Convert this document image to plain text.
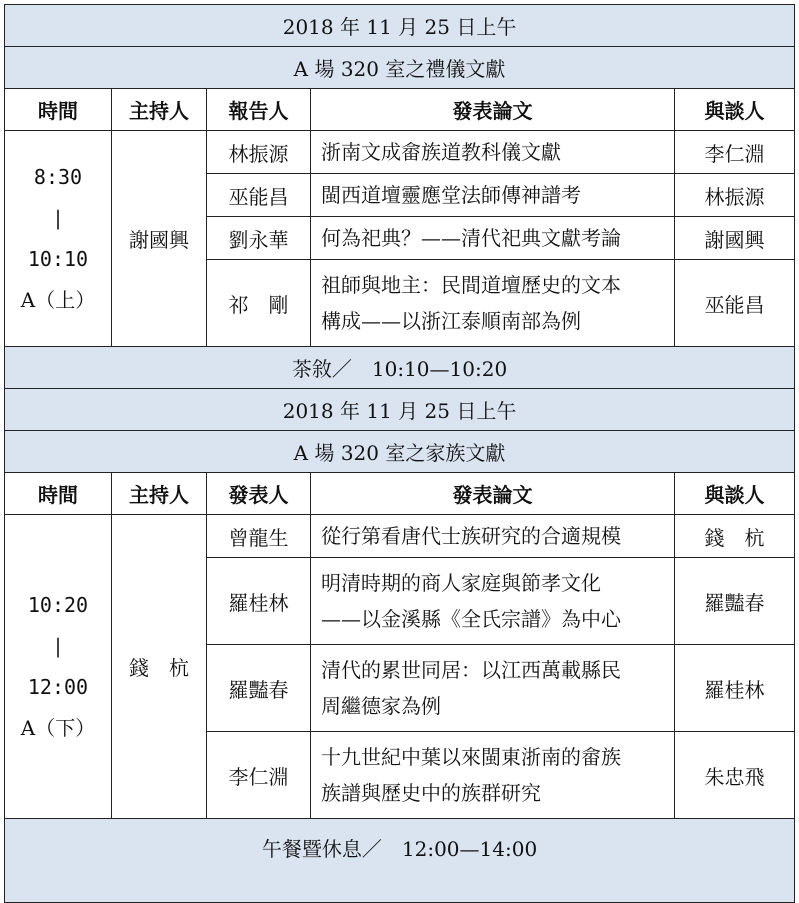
2018 年 11 月 25 日上午				
A 場 320 室之禮儀文獻				
時間	主持人	報告人	發表論文	與談人

8:30
|
10:10
A（上）	謝國興	林振源	浙南文成畲族道教科儀文獻	李仁淵
		巫能昌	閩西道壇靈應堂法師傳神譜考	林振源
		劉永華	何為祀典？——清代祀典文獻考論	謝國興
		祁　剛	祖師與地主：民間道壇歷史的文本
構成——以浙江泰順南部為例	巫能昌
茶敘／　10:10—10:20				
2018 年 11 月 25 日上午				
A 場 320 室之家族文獻				
時間	主持人	發表人	發表論文	與談人

10:20
|
12:00
A（下）	錢　杭	曾龍生	從行第看唐代士族研究的合適規模	錢　杭
		羅桂林	明清時期的商人家庭與節孝文化
——以金溪縣《全氏宗譜》為中心	羅豔春
		羅豔春	清代的累世同居：以江西萬載縣民
周繼德家為例	羅桂林
		李仁淵	十九世紀中葉以來閩東浙南的畲族
族譜與歷史中的族群研究	朱忠飛

午餐暨休息／　12:00—14:00				
